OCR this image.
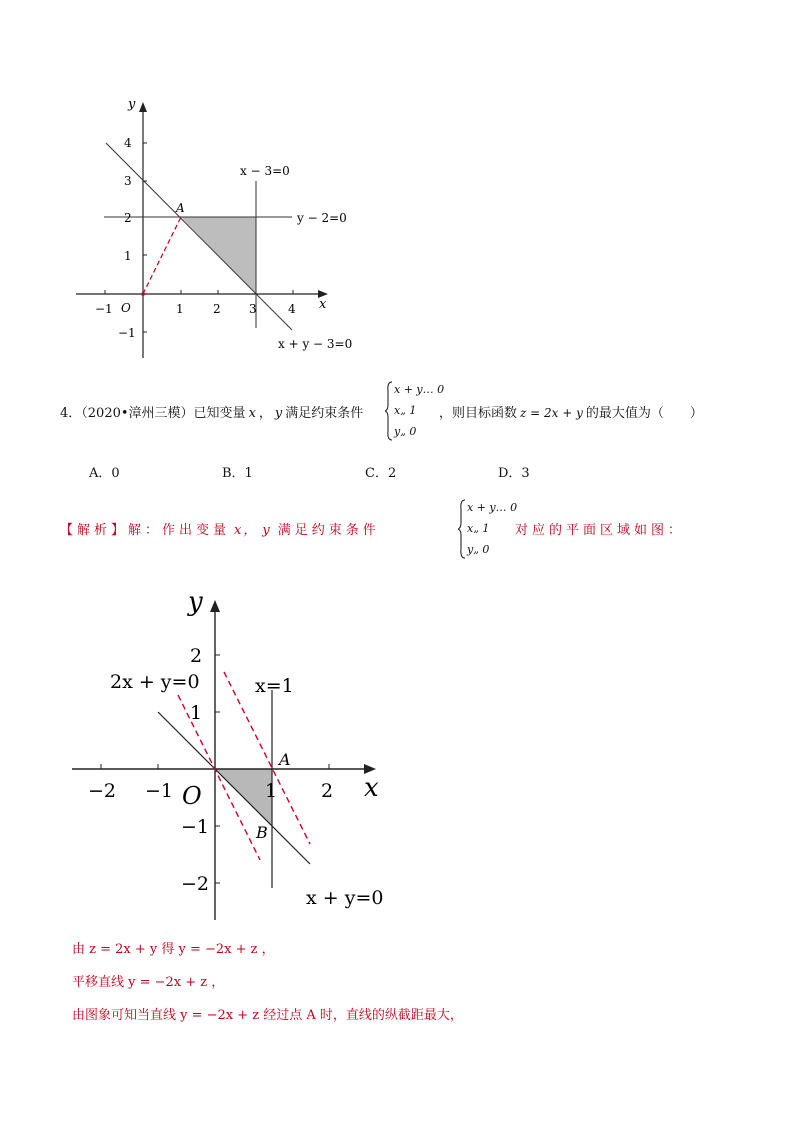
y
x
O
−1	1 2 3	4
4
3
2
1
−1
A
x − 3=0
y − 2=0
x + y − 3=0
4．（2020•漳州三模）已知变量 x ， y 满足约束条件
x + y… 0
x„ 1
y„ 0
，则目标函数 z = 2x + y 的最大值为（　　）
A．0	B．1	C．2	D．3
【解析】解：作出变量 x， y 满足约束条件
x + y… 0
x„ 1
y„ 0
对应的平面区域如图：
y
x
O
−2 −1	1 2
2
1
−1
−2
A
B
2x + y=0	x=1
x + y=0
由 z = 2x + y 得 y = −2x + z ，
平移直线 y = −2x + z ，
由图象可知当直线 y = −2x + z 经过点 A 时，直线的纵截距最大，
